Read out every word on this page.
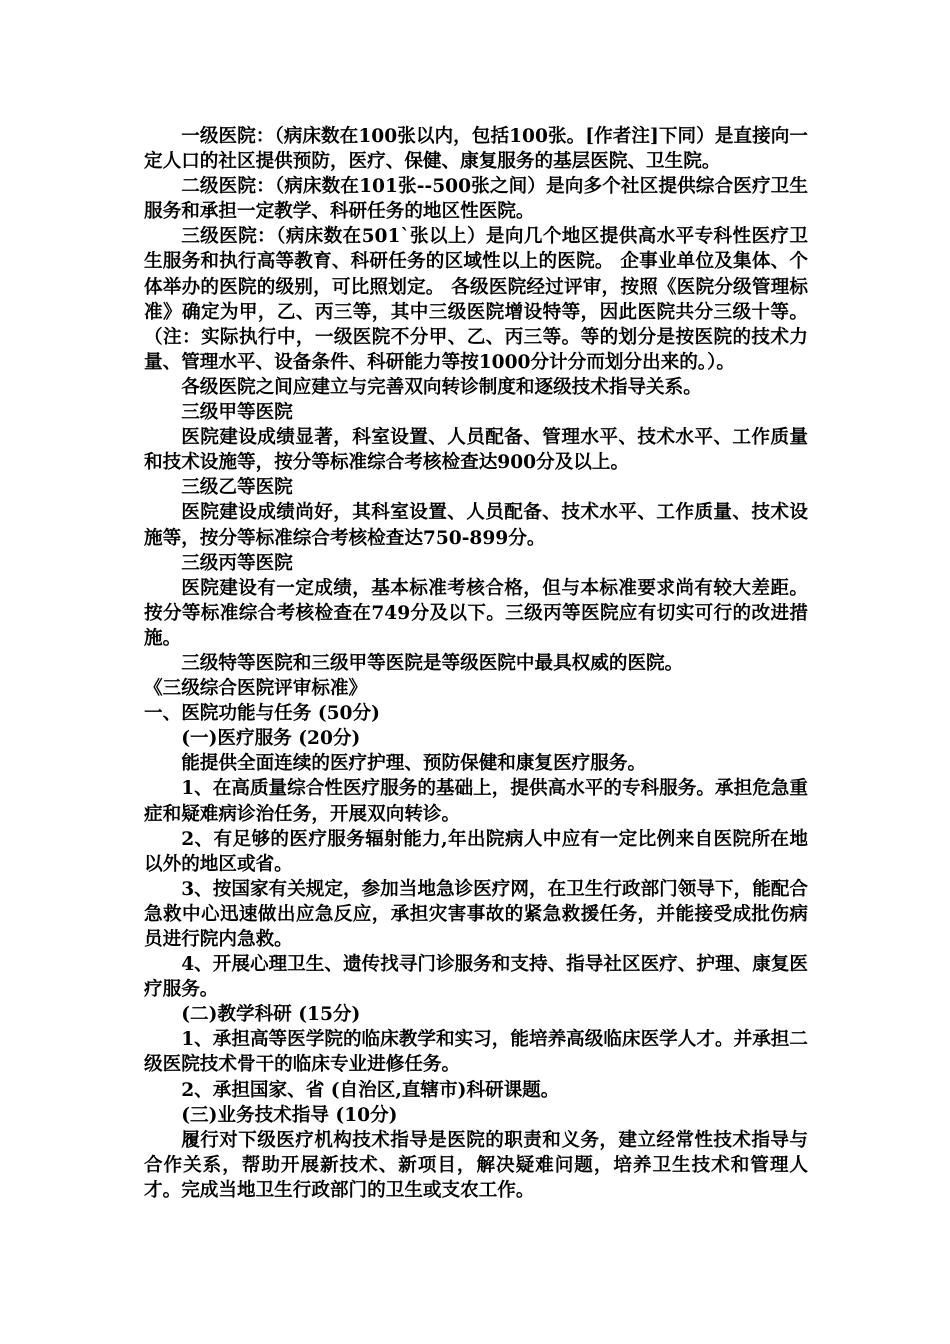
一级医院：（病床数在100张以内，包括100张。[作者注]下同）是直接向一定人口的社区提供预防，医疗、保健、康复服务的基层医院、卫生院。

二级医院：（病床数在101张--500张之间）是向多个社区提供综合医疗卫生服务和承担一定教学、科研任务的地区性医院。

三级医院：（病床数在501`张以上）是向几个地区提供高水平专科性医疗卫生服务和执行高等教育、科研任务的区域性以上的医院。 企事业单位及集体、个体举办的医院的级别，可比照划定。 各级医院经过评审，按照《医院分级管理标准》确定为甲，乙、丙三等，其中三级医院增设特等，因此医院共分三级十等。（注：实际执行中，一级医院不分甲、乙、丙三等。等的划分是按医院的技术力量、管理水平、设备条件、科研能力等按1000分计分而划分出来的。）。

各级医院之间应建立与完善双向转诊制度和逐级技术指导关系。

三级甲等医院

医院建设成绩显著，科室设置、人员配备、管理水平、技术水平、工作质量和技术设施等，按分等标准综合考核检查达900分及以上。

三级乙等医院

医院建设成绩尚好，其科室设置、人员配备、技术水平、工作质量、技术设施等，按分等标准综合考核检查达750-899分。

三级丙等医院

医院建设有一定成绩，基本标准考核合格，但与本标准要求尚有较大差距。按分等标准综合考核检查在749分及以下。三级丙等医院应有切实可行的改进措施。

三级特等医院和三级甲等医院是等级医院中最具权威的医院。

《三级综合医院评审标准》

一、医院功能与任务 (50分)

(一)医疗服务 (20分)

能提供全面连续的医疗护理、预防保健和康复医疗服务。

1、在高质量综合性医疗服务的基础上，提供高水平的专科服务。承担危急重症和疑难病诊治任务，开展双向转诊。

2、有足够的医疗服务辐射能力,年出院病人中应有一定比例来自医院所在地以外的地区或省。

3、按国家有关规定，参加当地急诊医疗网，在卫生行政部门领导下，能配合急救中心迅速做出应急反应，承担灾害事故的紧急救援任务，并能接受成批伤病员进行院内急救。

4、开展心理卫生、遗传找寻门诊服务和支持、指导社区医疗、护理、康复医疗服务。

(二)教学科研 (15分)

1、承担高等医学院的临床教学和实习，能培养高级临床医学人才。并承担二级医院技术骨干的临床专业进修任务。

2、承担国家、省 (自治区,直辖市)科研课题。

(三)业务技术指导 (10分)

履行对下级医疗机构技术指导是医院的职责和义务，建立经常性技术指导与合作关系，帮助开展新技术、新项目，解决疑难问题，培养卫生技术和管理人才。完成当地卫生行政部门的卫生或支农工作。
